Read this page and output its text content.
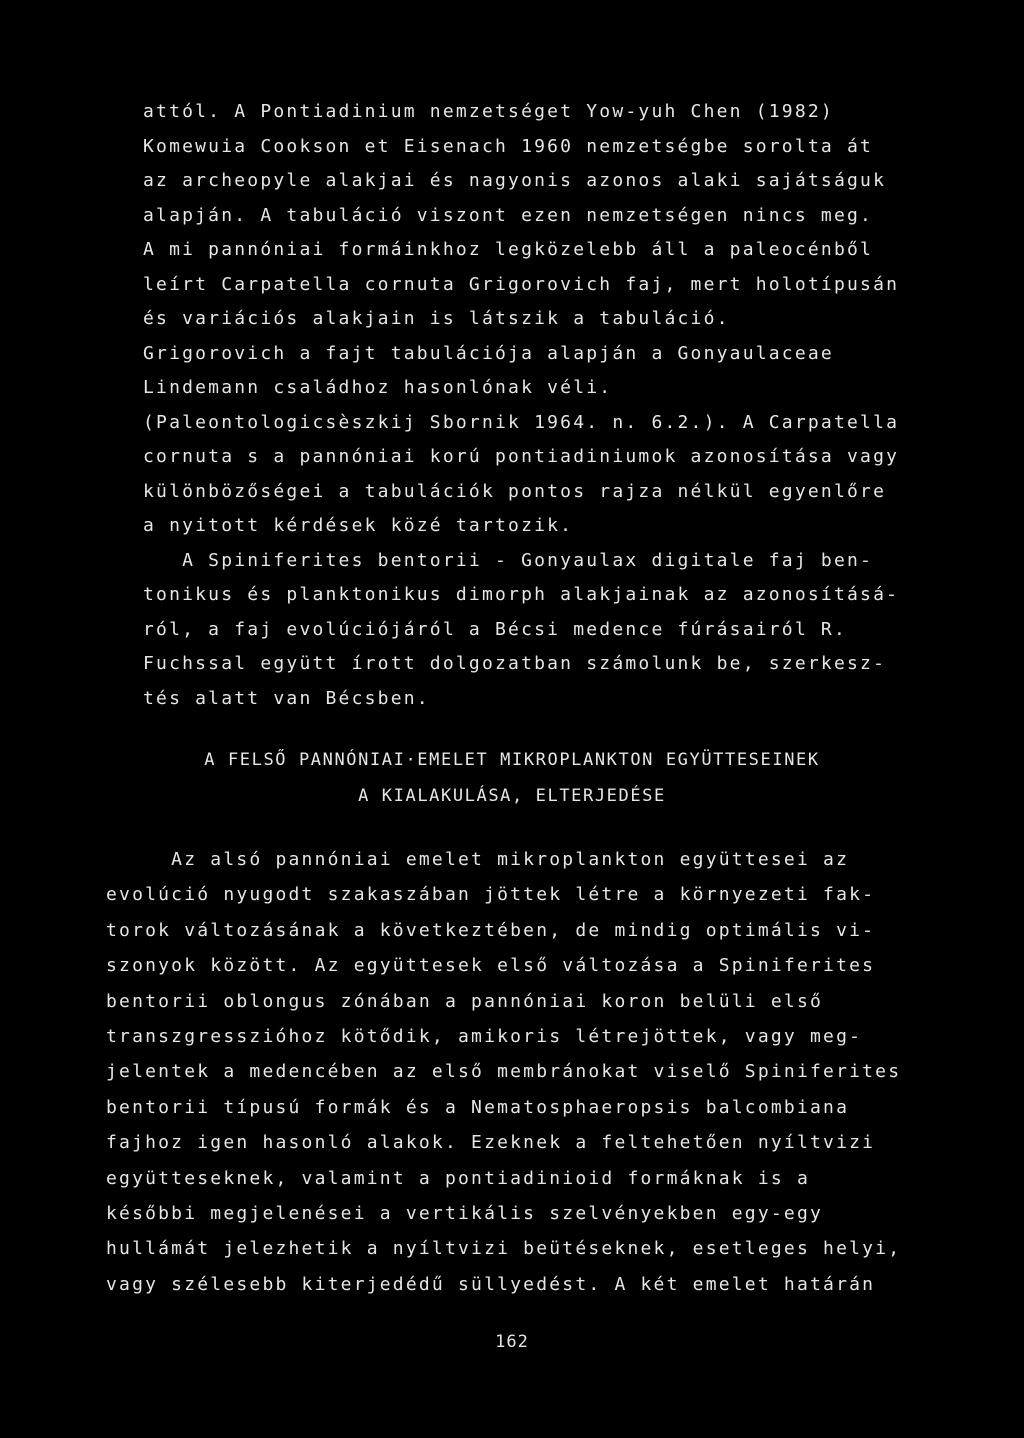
attól. A Pontiadinium nemzetséget Yow-yuh Chen (1982)
Komewuia Cookson et Eisenach 1960 nemzetségbe sorolta át
az archeopyle alakjai és nagyonis azonos alaki sajátságuk
alapján. A tabuláció viszont ezen nemzetségen nincs meg.
A mi pannóniai formáinkhoz legközelebb áll a paleocénből
leírt Carpatella cornuta Grigorovich faj, mert holotípusán
és variációs alakjain is látszik a tabuláció.
Grigorovich a fajt tabulációja alapján a Gonyaulaceae
Lindemann családhoz hasonlónak véli.
(Paleontologicsèszkij Sbornik 1964. n. 6.2.). A Carpatella
cornuta s a pannóniai korú pontiadiniumok azonosítása vagy
különbözőségei a tabulációk pontos rajza nélkül egyenlőre
a nyitott kérdések közé tartozik.
A Spiniferites bentorii - Gonyaulax digitale faj ben-
tonikus és planktonikus dimorph alakjainak az azonosításá-
ról, a faj evolúciójáról a Bécsi medence fúrásairól R.
Fuchssal együtt írott dolgozatban számolunk be, szerkesz-
tés alatt van Bécsben.
A FELSŐ PANNÓNIAI·EMELET MIKROPLANKTON EGYÜTTESEINEK
A KIALAKULÁSA, ELTERJEDÉSE
Az alsó pannóniai emelet mikroplankton együttesei az
evolúció nyugodt szakaszában jöttek létre a környezeti fak-
torok változásának a következtében, de mindig optimális vi-
szonyok között. Az együttesek első változása a Spiniferites
bentorii oblongus zónában a pannóniai koron belüli első
transzgresszióhoz kötődik, amikoris létrejöttek, vagy meg-
jelentek a medencében az első membránokat viselő Spiniferites
bentorii típusú formák és a Nematosphaeropsis balcombiana
fajhoz igen hasonló alakok. Ezeknek a feltehetően nyíltvizi
együtteseknek, valamint a pontiadinioid formáknak is a
későbbi megjelenései a vertikális szelvényekben egy-egy
hullámát jelezhetik a nyíltvizi beütéseknek, esetleges helyi,
vagy szélesebb kiterjedédű süllyedést. A két emelet határán
162
